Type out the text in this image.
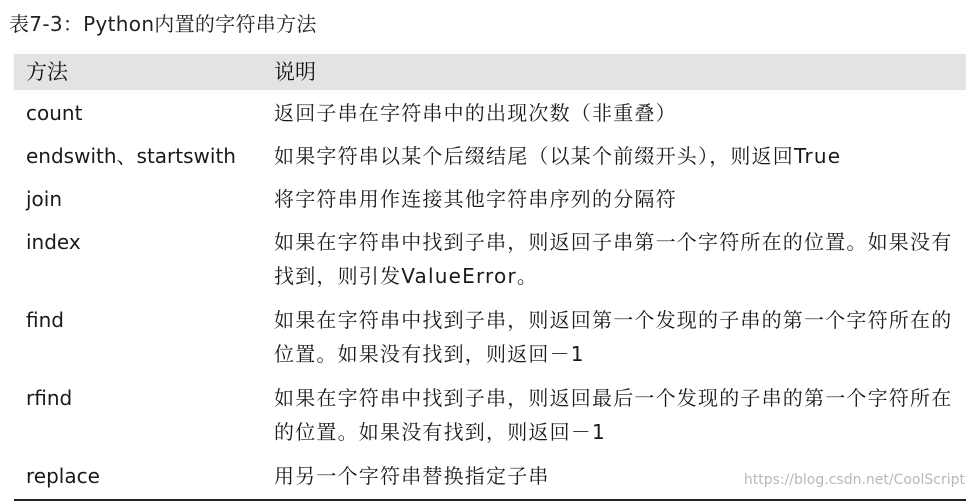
表7-3：Python内置的字符串方法
方法	说明
count	返回子串在字符串中的出现次数（非重叠）
endswith、startswith	如果字符串以某个后缀结尾（以某个前缀开头），则返回True
join	将字符串用作连接其他字符串序列的分隔符
index	如果在字符串中找到子串，则返回子串第一个字符所在的位置。如果没有找到，则引发ValueError。
find	如果在字符串中找到子串，则返回第一个发现的子串的第一个字符所在的位置。如果没有找到，则返回－1
rfind	如果在字符串中找到子串，则返回最后一个发现的子串的第一个字符所在的位置。如果没有找到，则返回－1
replace	用另一个字符串替换指定子串	https://blog.csdn.net/CoolScript
